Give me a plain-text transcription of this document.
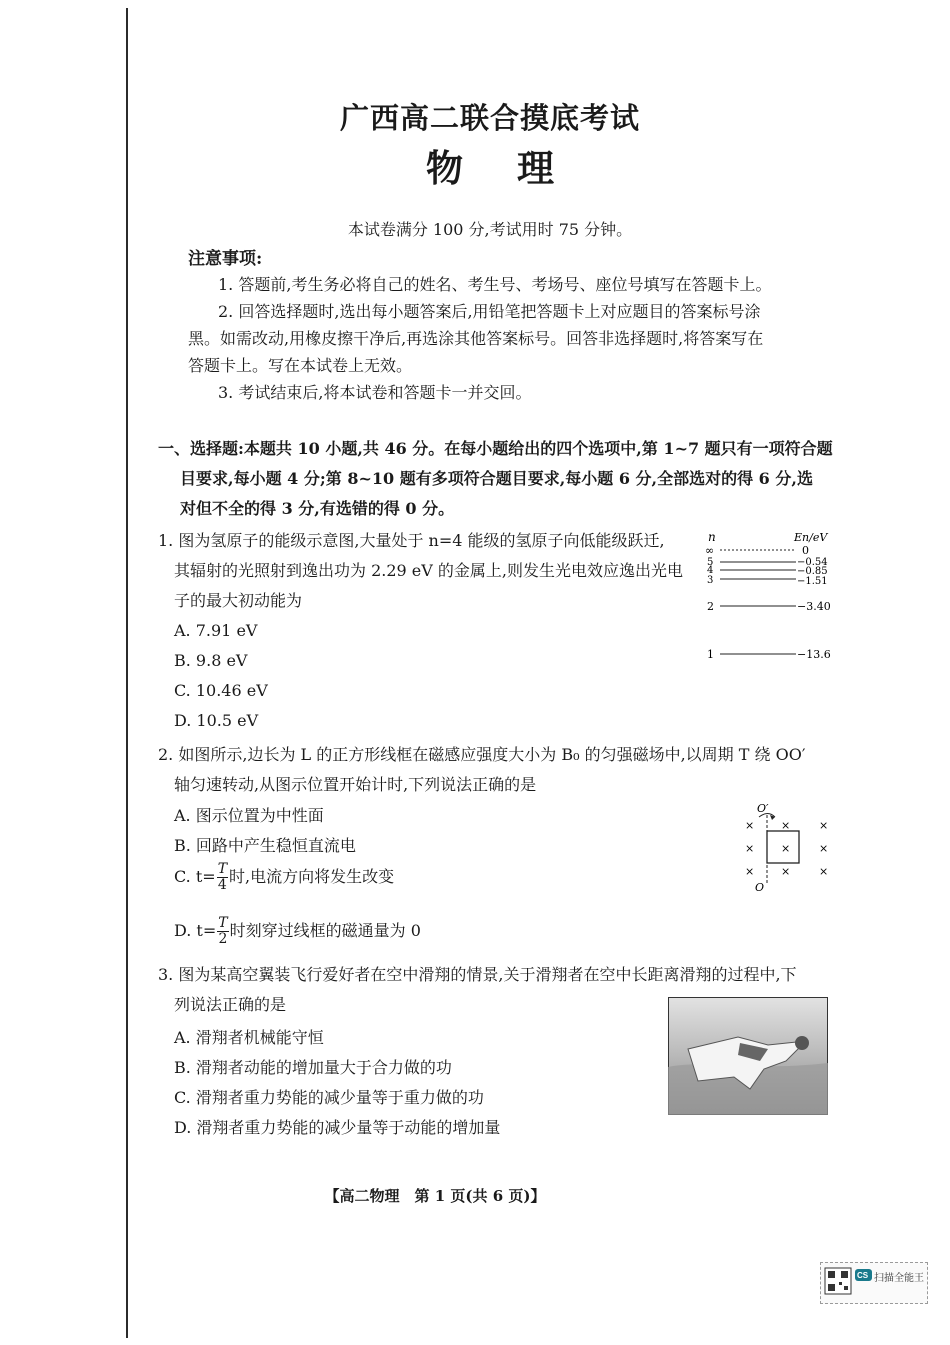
广西高二联合摸底考试
物理
本试卷满分 100 分,考试用时 75 分钟。
注意事项:
1. 答题前,考生务必将自己的姓名、考生号、考场号、座位号填写在答题卡上。
2. 回答选择题时,选出每小题答案后,用铅笔把答题卡上对应题目的答案标号涂
黑。如需改动,用橡皮擦干净后,再选涂其他答案标号。回答非选择题时,将答案写在
答题卡上。写在本试卷上无效。
3. 考试结束后,将本试卷和答题卡一并交回。
一、选择题:本题共 10 小题,共 46 分。在每小题给出的四个选项中,第 1~7 题只有一项符合题
目要求,每小题 4 分;第 8~10 题有多项符合题目要求,每小题 6 分,全部选对的得 6 分,选
对但不全的得 3 分,有选错的得 0 分。
1. 图为氢原子的能级示意图,大量处于 n=4 能级的氢原子向低能级跃迁,
其辐射的光照射到逸出功为 2.29 eV 的金属上,则发生光电效应逸出光电
子的最大初动能为
A. 7.91 eV
B. 9.8 eV
C. 10.46 eV
D. 10.5 eV
n	En/eV
∞
5
4
3
2
1
0
−0.54
−0.85
−1.51
−3.40
−13.6
2. 如图所示,边长为 L 的正方形线框在磁感应强度大小为 B₀ 的匀强磁场中,以周期 T 绕 OO′
轴匀速转动,从图示位置开始计时,下列说法正确的是
A. 图示位置为中性面
B. 回路中产生稳恒直流电
C. $t= \frac{T}{4}$ 时,电流方向将发生改变
D. $t= \frac{T}{2}$ 时刻穿过线框的磁通量为 0
O′
O
× ×	×
× ×	×
× ×	×
3. 图为某高空翼装飞行爱好者在空中滑翔的情景,关于滑翔者在空中长距离滑翔的过程中,下
列说法正确的是
A. 滑翔者机械能守恒
B. 滑翔者动能的增加量大于合力做的功
C. 滑翔者重力势能的减少量等于重力做的功
D. 滑翔者重力势能的减少量等于动能的增加量
【高二物理　第 1 页(共 6 页)】
CS 扫描全能王
